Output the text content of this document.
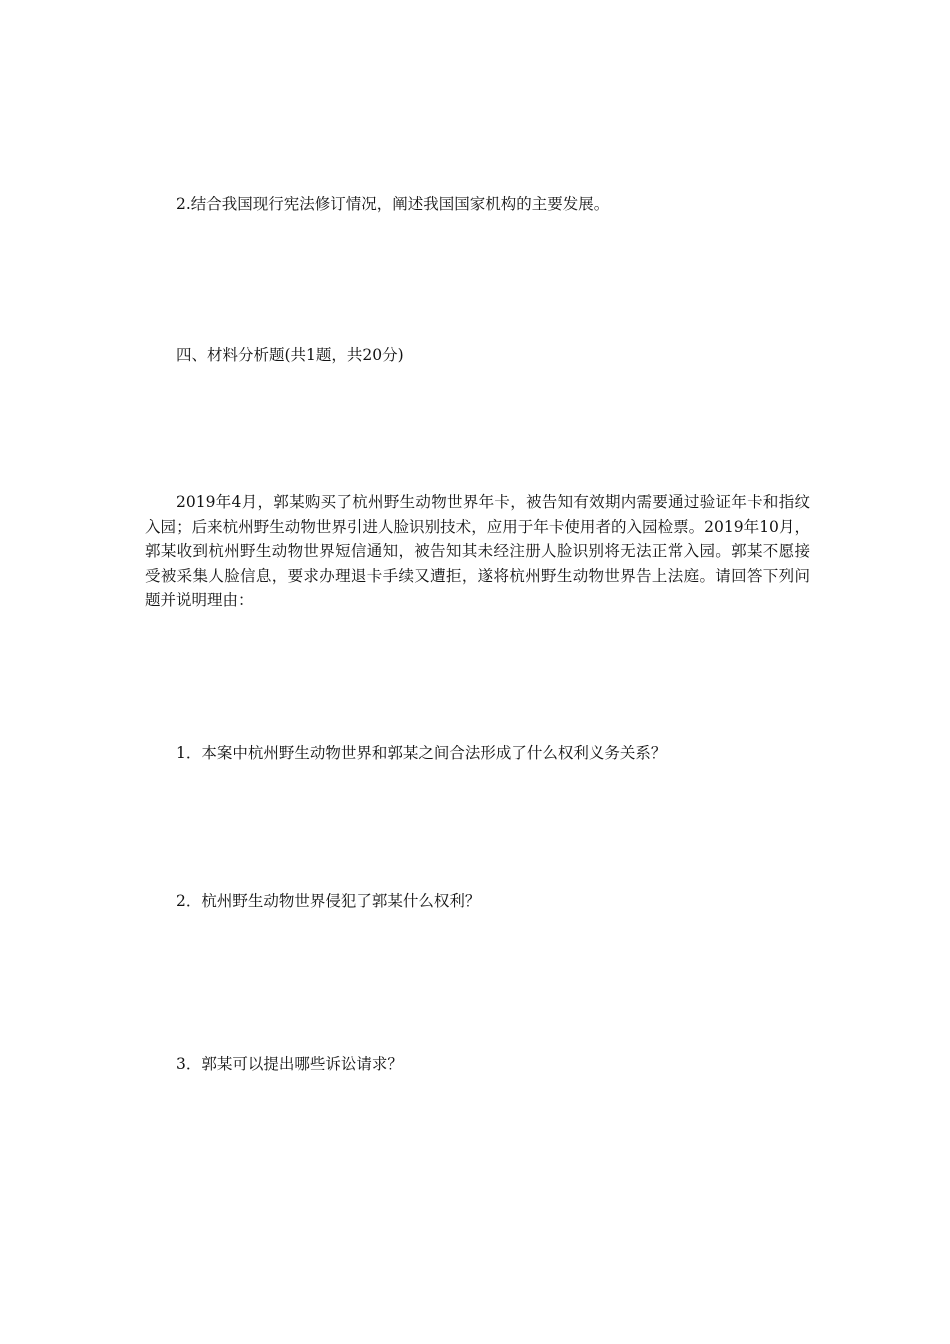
2.结合我国现行宪法修订情况，阐述我国国家机构的主要发展。

四、材料分析题(共1题，共20分)

2019年4月，郭某购买了杭州野生动物世界年卡，被告知有效期内需要通过验证年卡和指纹入园；后来杭州野生动物世界引进人脸识别技术，应用于年卡使用者的入园检票。2019年10月，郭某收到杭州野生动物世界短信通知，被告知其未经注册人脸识别将无法正常入园。郭某不愿接受被采集人脸信息，要求办理退卡手续又遭拒，遂将杭州野生动物世界告上法庭。请回答下列问题并说明理由：

1．本案中杭州野生动物世界和郭某之间合法形成了什么权利义务关系？

2．杭州野生动物世界侵犯了郭某什么权利？

3．郭某可以提出哪些诉讼请求？
